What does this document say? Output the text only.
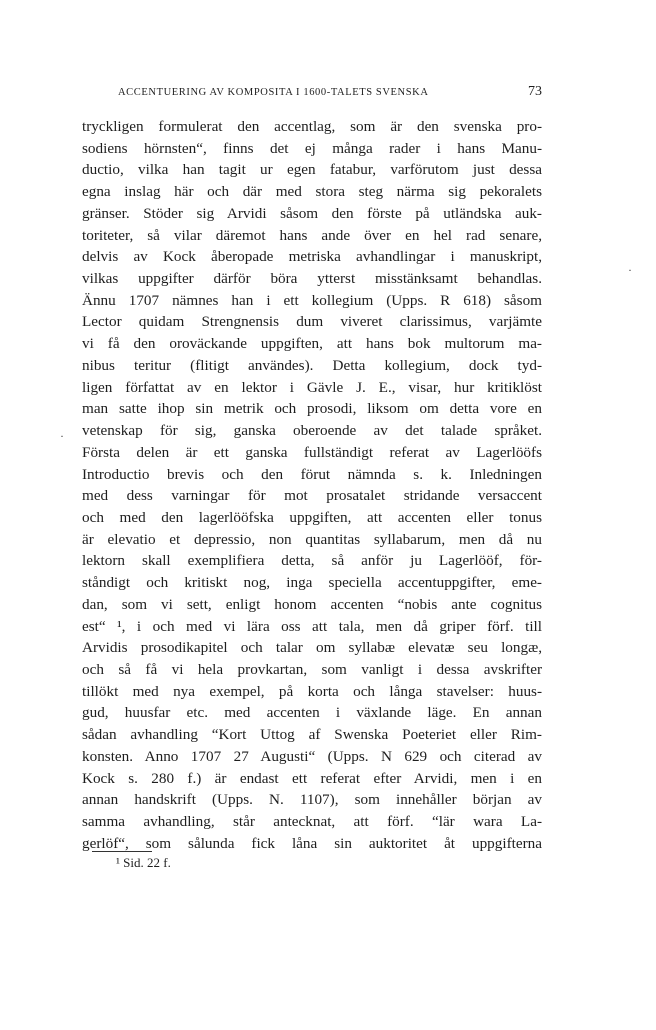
ACCENTUERING AV KOMPOSITA I 1600-TALETS SVENSKA	73
tryckligen formulerat den accentlag, som är den svenska pro-
sodiens hörnsten“, finns det ej många rader i hans Manu-
ductio, vilka han tagit ur egen fatabur, varförutom just dessa
egna inslag här och där med stora steg närma sig pekoralets
gränser. Stöder sig Arvidi såsom den förste på utländska auk-
toriteter, så vilar däremot hans ande över en hel rad senare,
delvis av Kock åberopade metriska avhandlingar i manuskript,
vilkas uppgifter därför böra ytterst misstänksamt behandlas.
Ännu 1707 nämnes han i ett kollegium (Upps. R 618) såsom
Lector quidam Strengnensis dum viveret clarissimus, varjämte
vi få den oroväckande uppgiften, att hans bok multorum ma-
nibus teritur (flitigt användes). Detta kollegium, dock tyd-
ligen författat av en lektor i Gävle J. E., visar, hur kritiklöst
man satte ihop sin metrik och prosodi, liksom om detta vore en
vetenskap för sig, ganska oberoende av det talade språket.
Första delen är ett ganska fullständigt referat av Lagerlööfs
Introductio brevis och den förut nämnda s. k. Inledningen
med dess varningar för mot prosatalet stridande versaccent
och med den lagerlööfska uppgiften, att accenten eller tonus
är elevatio et depressio, non quantitas syllabarum, men då nu
lektorn skall exemplifiera detta, så anför ju Lagerlööf, för-
ståndigt och kritiskt nog, inga speciella accentuppgifter, eme-
dan, som vi sett, enligt honom accenten “nobis ante cognitus
est“ ¹, i och med vi lära oss att tala, men då griper förf. till
Arvidis prosodikapitel och talar om syllabæ elevatæ seu longæ,
och så få vi hela provkartan, som vanligt i dessa avskrifter
tillökt med nya exempel, på korta och långa stavelser: huus-
gud, huusfar etc. med accenten i växlande läge. En annan
sådan avhandling “Kort Uttog af Swenska Poeteriet eller Rim-
konsten. Anno 1707 27 Augusti“ (Upps. N 629 och citerad av
Kock s. 280 f.) är endast ett referat efter Arvidi, men i en
annan handskrift (Upps. N. 1107), som innehåller början av
samma avhandling, står antecknat, att förf. “lär wara La-
gerlöf“, som sålunda fick låna sin auktoritet åt uppgifterna
¹ Sid. 22 f.
·
·
